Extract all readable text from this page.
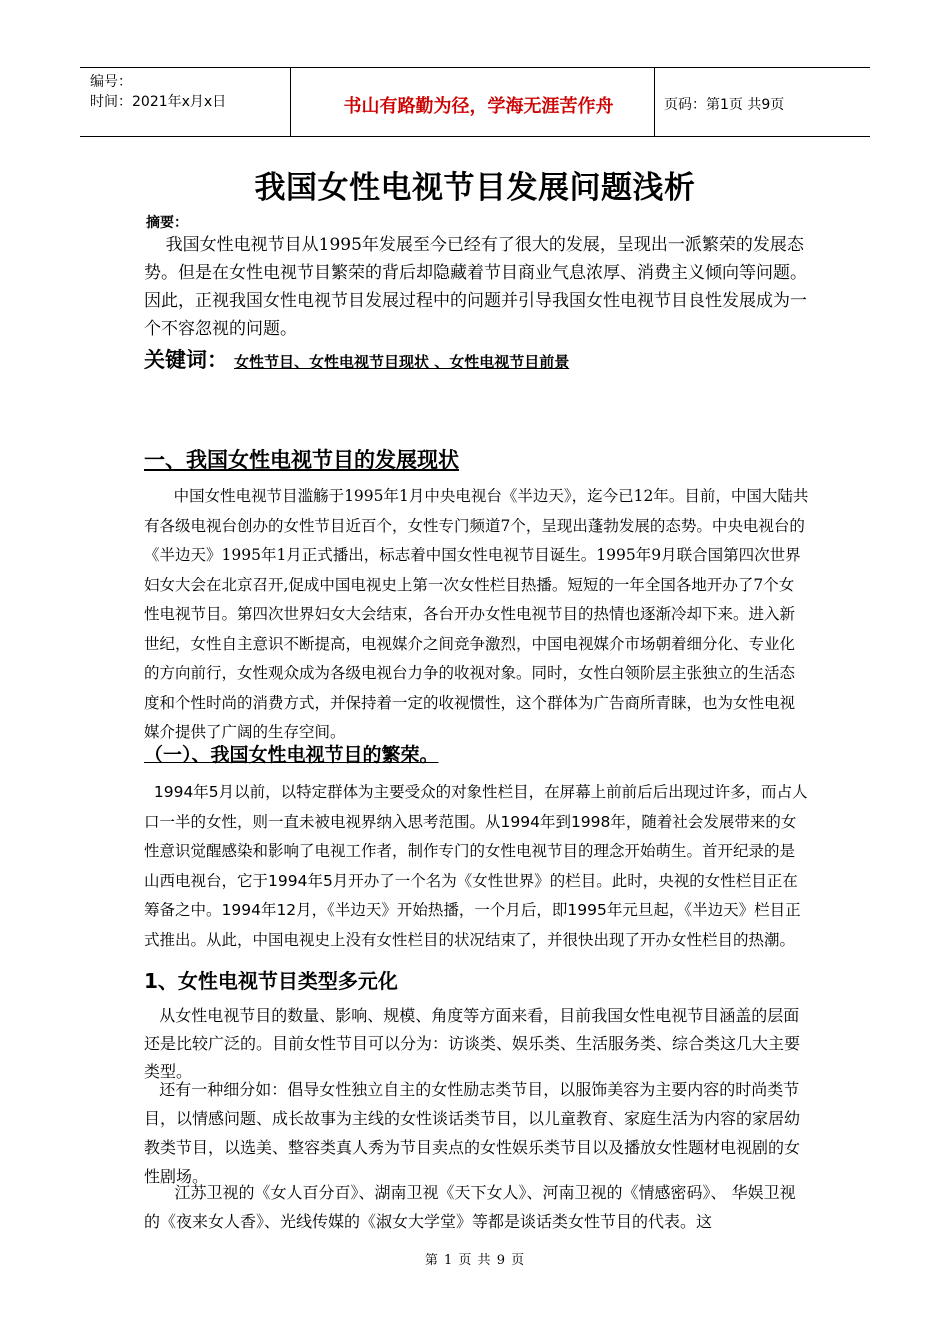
编号：
时间：2021年x月x日	书山有路勤为径，学海无涯苦作舟	页码：第1页 共9页
我国女性电视节目发展问题浅析
摘要：
我国女性电视节目从1995年发展至今已经有了很大的发展，呈现出一派繁荣的发展态势。但是在女性电视节目繁荣的背后却隐藏着节目商业气息浓厚、消费主义倾向等问题。因此，正视我国女性电视节目发展过程中的问题并引导我国女性电视节目良性发展成为一个不容忽视的问题。
关键词： 女性节目、女性电视节目现状 、女性电视节目前景
一、我国女性电视节目的发展现状
中国女性电视节目滥觞于1995年1月中央电视台《半边天》，迄今已12年。目前，中国大陆共有各级电视台创办的女性节目近百个，女性专门频道7个，呈现出蓬勃发展的态势。中央电视台的《半边天》1995年1月正式播出，标志着中国女性电视节目诞生。1995年9月联合国第四次世界妇女大会在北京召开,促成中国电视史上第一次女性栏目热播。短短的一年全国各地开办了7个女性电视节目。第四次世界妇女大会结束，各台开办女性电视节目的热情也逐渐冷却下来。进入新世纪，女性自主意识不断提高，电视媒介之间竞争激烈，中国电视媒介市场朝着细分化、专业化的方向前行，女性观众成为各级电视台力争的收视对象。同时，女性白领阶层主张独立的生活态度和个性时尚的消费方式，并保持着一定的收视惯性，这个群体为广告商所青睐，也为女性电视媒介提供了广阔的生存空间。
（一）、我国女性电视节目的繁荣。
1994年5月以前，以特定群体为主要受众的对象性栏目，在屏幕上前前后后出现过许多，而占人口一半的女性，则一直未被电视界纳入思考范围。从1994年到1998年，随着社会发展带来的女性意识觉醒感染和影响了电视工作者，制作专门的女性电视节目的理念开始萌生。首开纪录的是山西电视台，它于1994年5月开办了一个名为《女性世界》的栏目。此时，央视的女性栏目正在筹备之中。1994年12月，《半边天》开始热播，一个月后，即1995年元旦起，《半边天》栏目正式推出。从此，中国电视史上没有女性栏目的状况结束了，并很快出现了开办女性栏目的热潮。
1、女性电视节目类型多元化
从女性电视节目的数量、影响、规模、角度等方面来看，目前我国女性电视节目涵盖的层面还是比较广泛的。目前女性节目可以分为：访谈类、娱乐类、生活服务类、综合类这几大主要类型。
还有一种细分如：倡导女性独立自主的女性励志类节目，以服饰美容为主要内容的时尚类节目，以情感问题、成长故事为主线的女性谈话类节目，以儿童教育、家庭生活为内容的家居幼教类节目，以选美、整容类真人秀为节目卖点的女性娱乐类节目以及播放女性题材电视剧的女性剧场。
江苏卫视的《女人百分百》、湖南卫视《天下女人》、河南卫视的《情感密码》、 华娱卫视的《夜来女人香》、光线传媒的《淑女大学堂》等都是谈话类女性节目的代表。这
第 1 页 共 9 页
